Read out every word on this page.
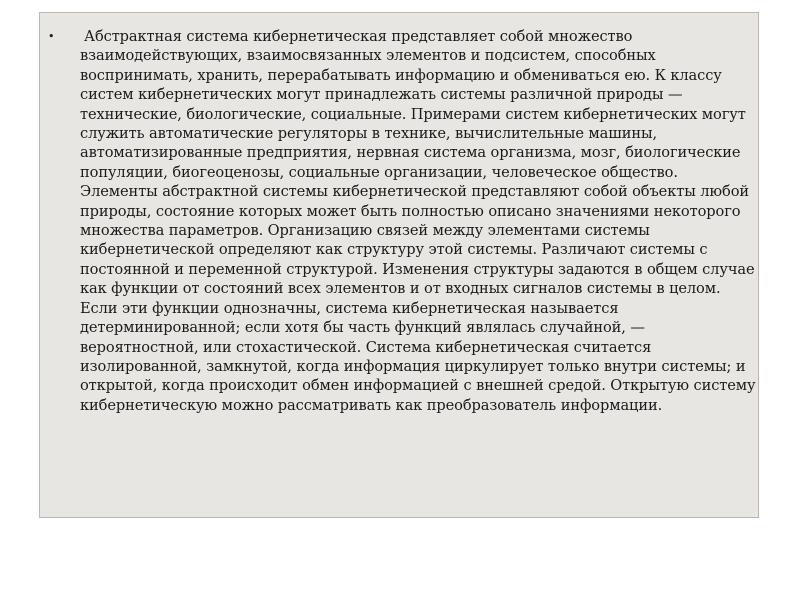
• Абстрактная система кибернетическая представляет собой множество взаимодействующих, взаимосвязанных элементов и подсистем, способных воспринимать, хранить, перерабатывать информацию и обмениваться ею. К классу систем кибернетических могут принадлежать системы различной природы — технические, биологические, социальные. Примерами систем кибернетических могут служить автоматические регуляторы в технике, вычислительные машины, автоматизированные предприятия, нервная система организма, мозг, биологические популяции, биогеоценозы, социальные организации, человеческое общество. Элементы абстрактной системы кибернетической представляют собой объекты любой природы, состояние которых может быть полностью описано значениями некоторого множества параметров. Организацию связей между элементами системы кибернетической определяют как структуру этой системы. Различают системы с постоянной и переменной структурой. Изменения структуры задаются в общем случае как функции от состояний всех элементов и от входных сигналов системы в целом. Если эти функции однозначны, система кибернетическая называется детерминированной; если хотя бы часть функций являлась случайной, — вероятностной, или стохастической. Система кибернетическая считается изолированной, замкнутой, когда информация циркулирует только внутри системы; и открытой, когда происходит обмен информацией с внешней средой. Открытую систему кибернетическую можно рассматривать как преобразователь информации.
